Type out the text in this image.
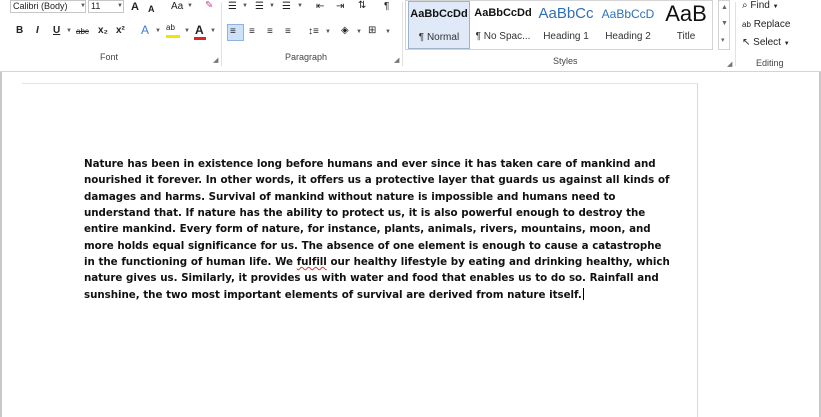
Calibri (Body)	▼ 11	▼ A A Aa ▼ ✎
B I U ▼ abc x₂ x² A ▼ ab ▼ A ▼
Font	◢
☰ ▼ ☰ ▼ ☰ ▼ ⇤ ⇥ ⇅ ¶
≡ ≡ ≡ ≡ ↕≡ ▼ ◈ ▼ ⊞ ▼
Paragraph	◢
AaBbCcDd
¶ Normal
AaBbCcDd
¶ No Spac...
AaBbCc
Heading 1
AaBbCcD
Heading 2
AaB
Title
▲
▼
▾
Styles	◢
⌕ Find ▼
ab Replace
↖ Select ▼
Editing
Nature has been in existence long before humans and ever since it has taken care of mankind and
nourished it forever. In other words, it offers us a protective layer that guards us against all kinds of
damages and harms. Survival of mankind without nature is impossible and humans need to
understand that. If nature has the ability to protect us, it is also powerful enough to destroy the
entire mankind. Every form of nature, for instance, plants, animals, rivers, mountains, moon, and
more holds equal significance for us. The absence of one element is enough to cause a catastrophe
in the functioning of human life. We fulfill our healthy lifestyle by eating and drinking healthy, which
nature gives us. Similarly, it provides us with water and food that enables us to do so. Rainfall and
sunshine, the two most important elements of survival are derived from nature itself.
